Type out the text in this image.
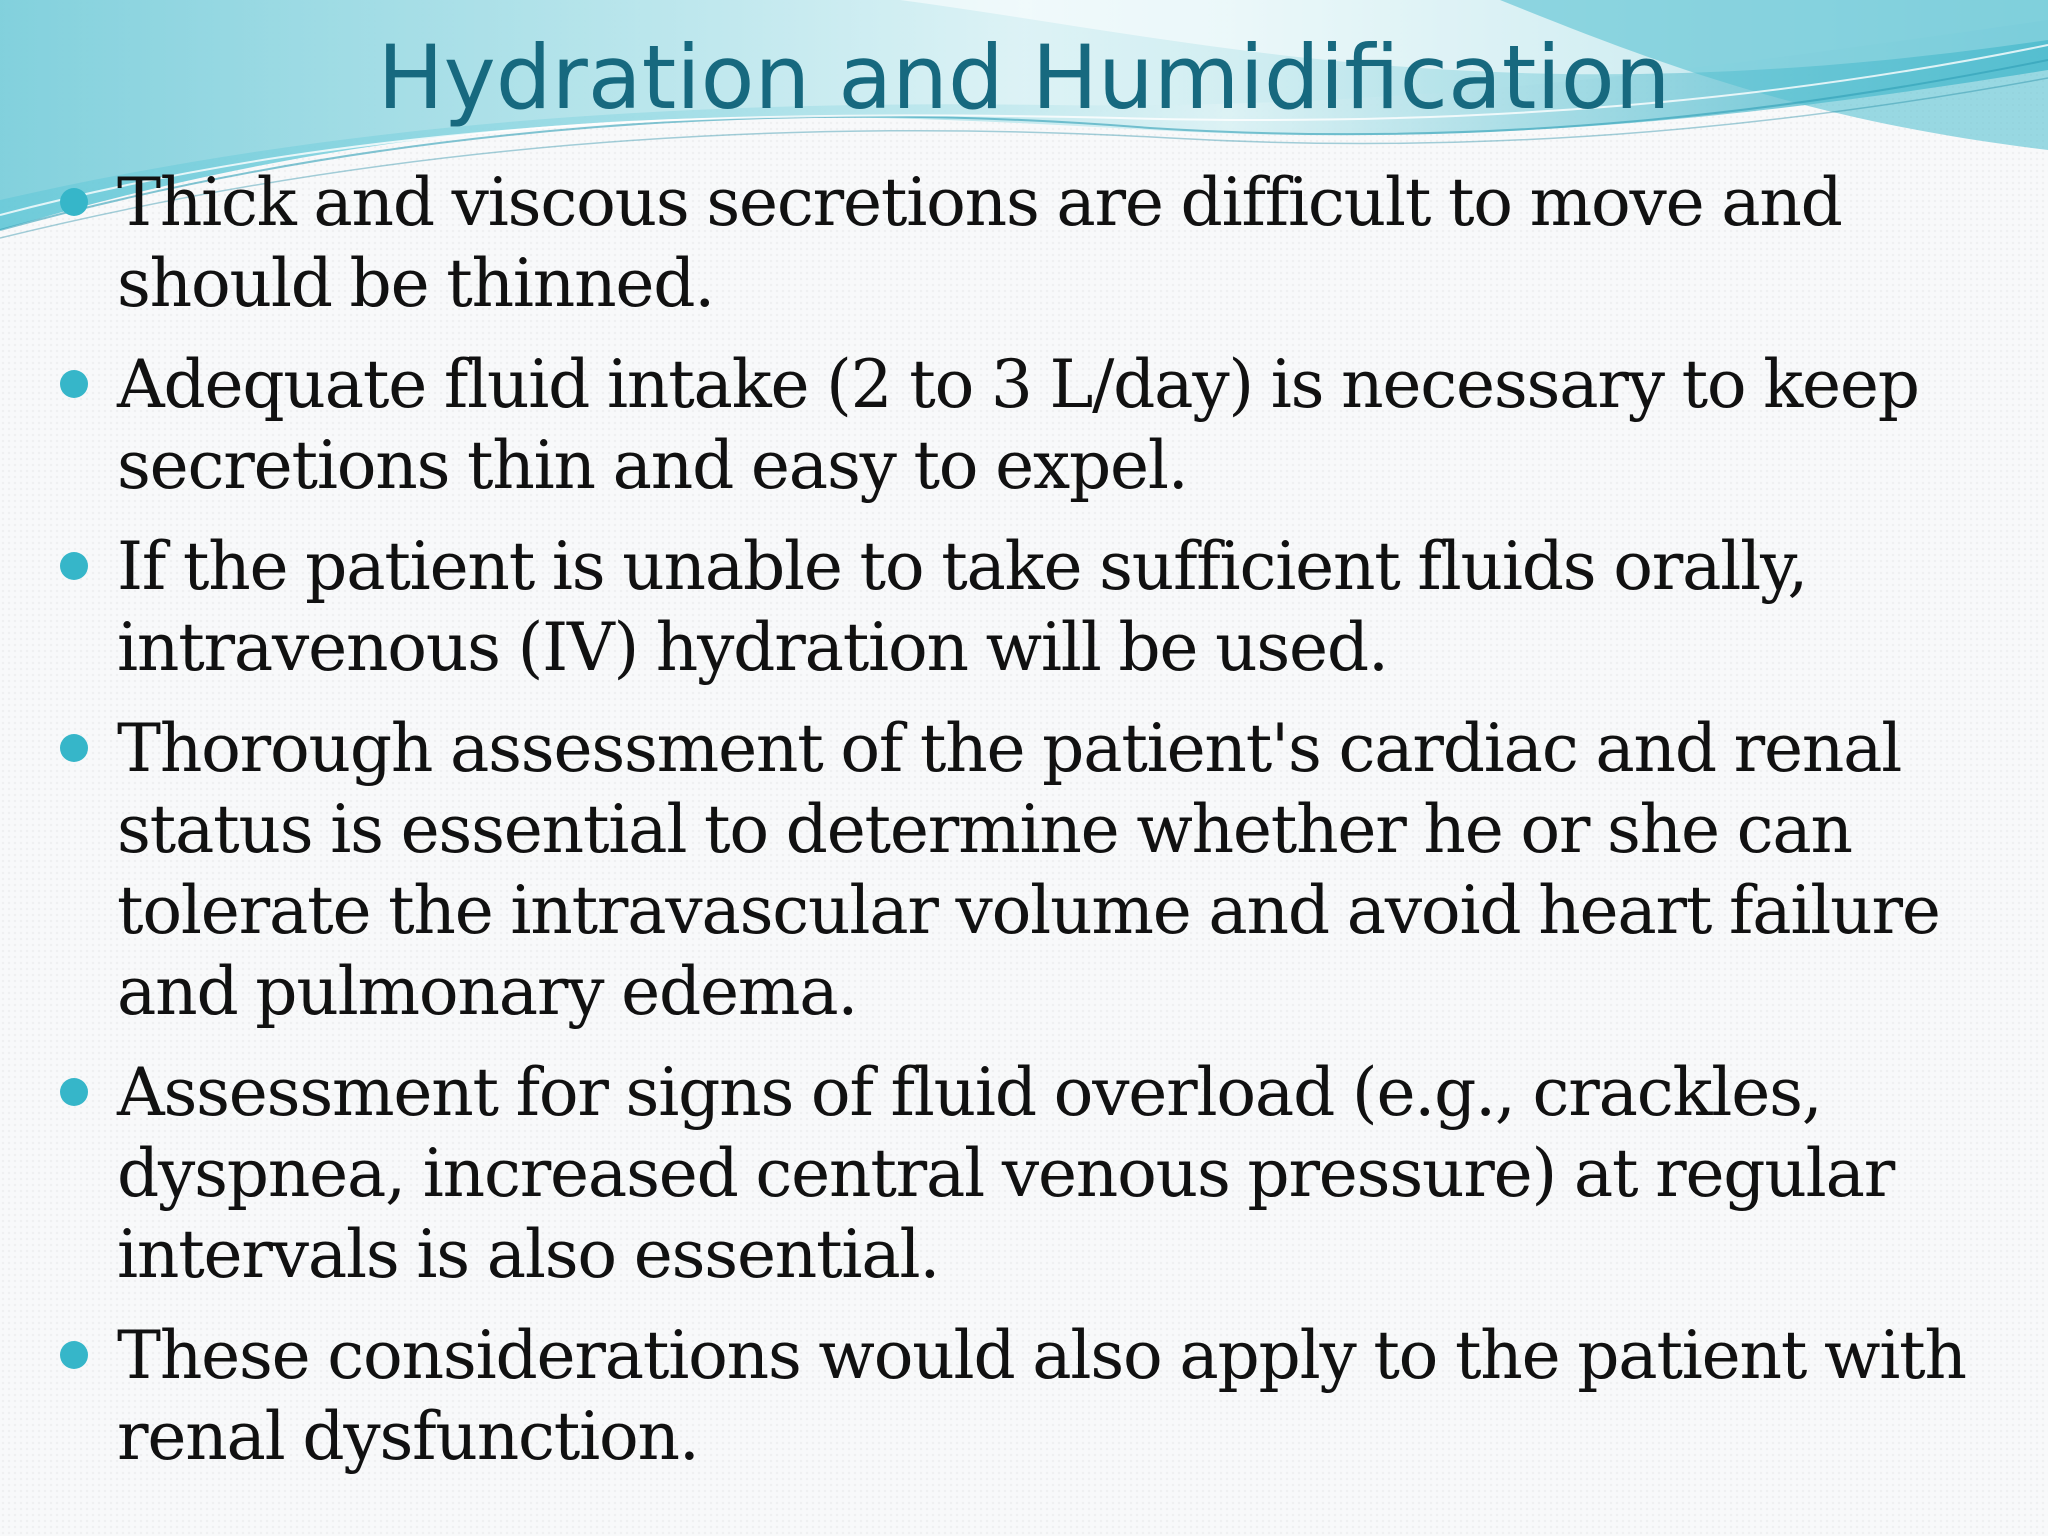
Hydration and Humidification
Thick and viscous secretions are difficult to move and should be thinned.
Adequate fluid intake (2 to 3 L/day) is necessary to keep secretions thin and easy to expel.
If the patient is unable to take sufficient fluids orally, intravenous (IV) hydration will be used.
Thorough assessment of the patient's cardiac and renal status is essential to determine whether he or she can tolerate the intravascular volume and avoid heart failure and pulmonary edema.
Assessment for signs of fluid overload (e.g., crackles, dyspnea, increased central venous pressure) at regular intervals is also essential.
These considerations would also apply to the patient with renal dysfunction.
